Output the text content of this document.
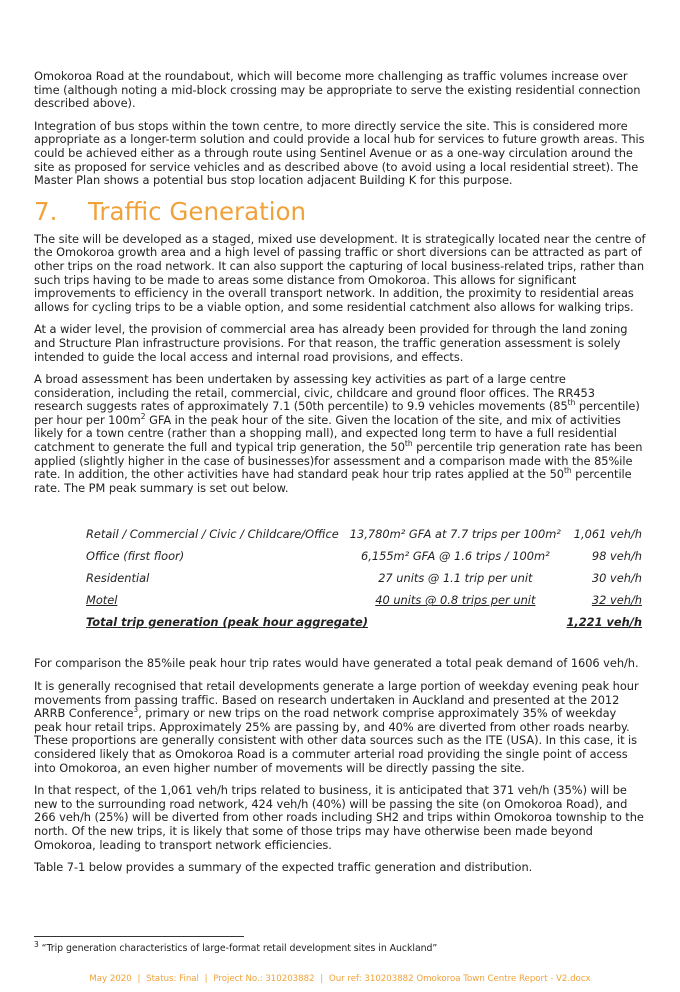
Omokoroa Road at the roundabout, which will become more challenging as traffic volumes increase over time (although noting a mid-block crossing may be appropriate to serve the existing residential connection described above).

Integration of bus stops within the town centre, to more directly service the site. This is considered more appropriate as a longer-term solution and could provide a local hub for services to future growth areas. This could be achieved either as a through route using Sentinel Avenue or as a one-way circulation around the site as proposed for service vehicles and as described above (to avoid using a local residential street). The Master Plan shows a potential bus stop location adjacent Building K for this purpose.

7. Traffic Generation

The site will be developed as a staged, mixed use development. It is strategically located near the centre of the Omokoroa growth area and a high level of passing traffic or short diversions can be attracted as part of other trips on the road network. It can also support the capturing of local business-related trips, rather than such trips having to be made to areas some distance from Omokoroa. This allows for significant improvements to efficiency in the overall transport network. In addition, the proximity to residential areas allows for cycling trips to be a viable option, and some residential catchment also allows for walking trips.

At a wider level, the provision of commercial area has already been provided for through the land zoning and Structure Plan infrastructure provisions. For that reason, the traffic generation assessment is solely intended to guide the local access and internal road provisions, and effects.

A broad assessment has been undertaken by assessing key activities as part of a large centre consideration, including the retail, commercial, civic, childcare and ground floor offices. The RR453 research suggests rates of approximately 7.1 (50th percentile) to 9.9 vehicles movements (85th percentile) per hour per $100m^2$ GFA in the peak hour of the site. Given the location of the site, and mix of activities likely for a town centre (rather than a shopping mall), and expected long term to have a full residential catchment to generate the full and typical trip generation, the 50th percentile trip generation rate has been applied (slightly higher in the case of businesses)for assessment and a comparison made with the 85%ile rate. In addition, the other activities have had standard peak hour trip rates applied at the 50th percentile rate. The PM peak summary is set out below.

Retail / Commercial / Civic / Childcare/Office	13,780m² GFA at 7.7 trips per 100m²	1,061 veh/h
Office (first floor)	6,155m² GFA @ 1.6 trips / 100m²	98 veh/h
Residential	27 units @ 1.1 trip per unit	30 veh/h
Motel	40 units @ 0.8 trips per unit	32 veh/h
Total trip generation (peak hour aggregate)		1,221 veh/h

For comparison the 85%ile peak hour trip rates would have generated a total peak demand of 1606 veh/h.

It is generally recognised that retail developments generate a large portion of weekday evening peak hour movements from passing traffic. Based on research undertaken in Auckland and presented at the 2012 ARRB Conference$^3$, primary or new trips on the road network comprise approximately 35% of weekday peak hour retail trips. Approximately 25% are passing by, and 40% are diverted from other roads nearby. These proportions are generally consistent with other data sources such as the ITE (USA). In this case, it is considered likely that as Omokoroa Road is a commuter arterial road providing the single point of access into Omokoroa, an even higher number of movements will be directly passing the site.

In that respect, of the 1,061 veh/h trips related to business, it is anticipated that 371 veh/h (35%) will be new to the surrounding road network, 424 veh/h (40%) will be passing the site (on Omokoroa Road), and 266 veh/h (25%) will be diverted from other roads including SH2 and trips within Omokoroa township to the north. Of the new trips, it is likely that some of those trips may have otherwise been made beyond Omokoroa, leading to transport network efficiencies.

Table 7-1 below provides a summary of the expected traffic generation and distribution.

$^3$ “Trip generation characteristics of large-format retail development sites in Auckland”

May 2020 | Status: Final | Project No.: 310203882 | Our ref: 310203882 Omokoroa Town Centre Report - V2.docx
